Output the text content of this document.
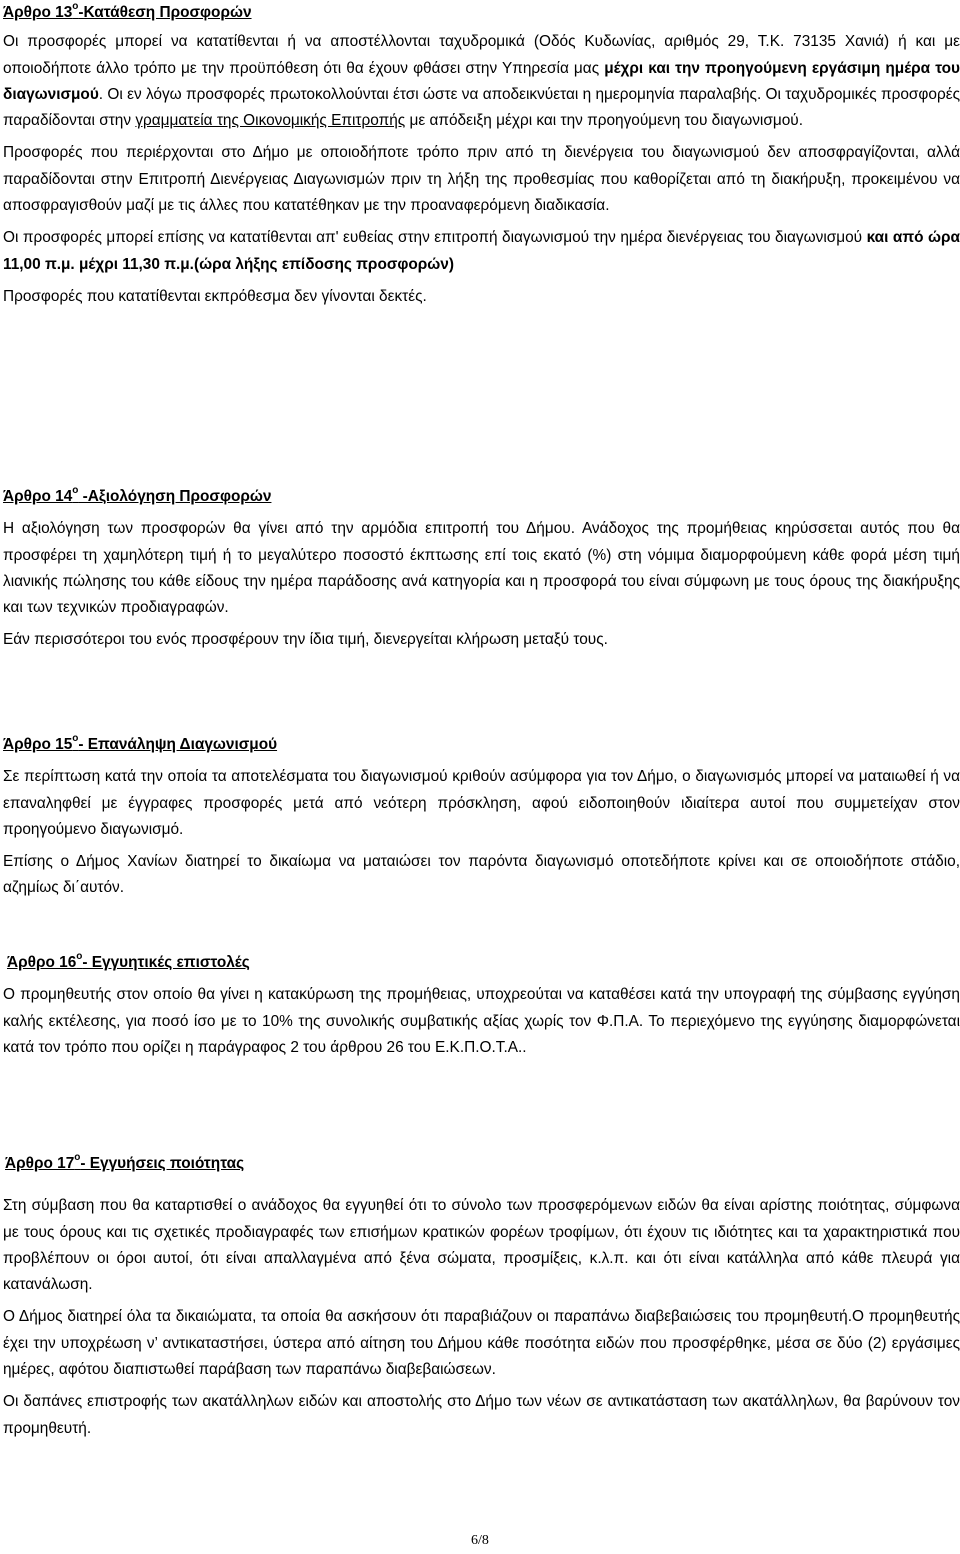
Άρθρο $13^o$-Κατάθεση Προσφορών

Οι προσφορές μπορεί να κατατίθενται ή να αποστέλλονται ταχυδρομικά (Οδός Κυδωνίας, αριθμός 29, Τ.Κ. 73135 Χανιά) ή και με οποιοδήποτε άλλο τρόπο με την προϋπόθεση ότι θα έχουν φθάσει στην Υπηρεσία μας μέχρι και την προηγούμενη εργάσιμη ημέρα του διαγωνισμού. Οι εν λόγω προσφορές πρωτοκολλούνται έτσι ώστε να αποδεικνύεται η ημερομηνία παραλαβής. Οι ταχυδρομικές προσφορές παραδίδονται στην γραμματεία της Οικονομικής Επιτροπής με απόδειξη μέχρι και την προηγούμενη του διαγωνισμού.

Προσφορές που περιέρχονται στο Δήμο με οποιοδήποτε τρόπο πριν από τη διενέργεια του διαγωνισμού δεν αποσφραγίζονται, αλλά παραδίδονται στην Επιτροπή Διενέργειας Διαγωνισμών πριν τη λήξη της προθεσμίας που καθορίζεται από τη διακήρυξη, προκειμένου να αποσφραγισθούν μαζί με τις άλλες που κατατέθηκαν με την προαναφερόμενη διαδικασία.

Οι προσφορές μπορεί επίσης να κατατίθενται απ' ευθείας στην επιτροπή διαγωνισμού την ημέρα διενέργειας του διαγωνισμού και από ώρα 11,00 π.μ. μέχρι 11,30 π.μ.(ώρα λήξης επίδοσης προσφορών)

Προσφορές που κατατίθενται εκπρόθεσμα δεν γίνονται δεκτές.

Άρθρο $14^o$ -Αξιολόγηση Προσφορών

Η αξιολόγηση των προσφορών θα γίνει από την αρμόδια επιτροπή του Δήμου. Ανάδοχος της προμήθειας κηρύσσεται αυτός που θα προσφέρει τη χαμηλότερη τιμή ή το μεγαλύτερο ποσοστό έκπτωσης επί τοις εκατό (%) στη νόμιμα διαμορφούμενη κάθε φορά μέση τιμή λιανικής πώλησης του κάθε είδους την ημέρα παράδοσης ανά κατηγορία και η προσφορά του είναι σύμφωνη με τους όρους της διακήρυξης και των τεχνικών προδιαγραφών.

Εάν περισσότεροι του ενός προσφέρουν την ίδια τιμή, διενεργείται κλήρωση μεταξύ τους.

Άρθρο $15^o-$ Επανάληψη Διαγωνισμού

Σε περίπτωση κατά την οποία τα αποτελέσματα του διαγωνισμού κριθούν ασύμφορα για τον Δήμο, ο διαγωνισμός μπορεί να ματαιωθεί ή να επαναληφθεί με έγγραφες προσφορές μετά από νεότερη πρόσκληση, αφού ειδοποιηθούν ιδιαίτερα αυτοί που συμμετείχαν στον προηγούμενο διαγωνισμό.

Επίσης ο Δήμος Χανίων διατηρεί το δικαίωμα να ματαιώσει τον παρόντα διαγωνισμό οποτεδήποτε κρίνει και σε οποιοδήποτε στάδιο, αζημίως δι΄αυτόν.

Άρθρο $16^o-$ Εγγυητικές επιστολές

Ο προμηθευτής στον οποίο θα γίνει η κατακύρωση της προμήθειας, υποχρεούται να καταθέσει κατά την υπογραφή της σύμβασης εγγύηση καλής εκτέλεσης, για ποσό ίσο με το 10% της συνολικής συμβατικής αξίας χωρίς τον Φ.Π.Α. Το περιεχόμενο της εγγύησης διαμορφώνεται κατά τον τρόπο που ορίζει η παράγραφος 2 του άρθρου 26 του Ε.Κ.Π.Ο.Τ.Α..

Άρθρο $17^o-$ Εγγυήσεις ποιότητας

Στη σύμβαση που θα καταρτισθεί ο ανάδοχος θα εγγυηθεί ότι το σύνολο των προσφερόμενων ειδών θα είναι αρίστης ποιότητας, σύμφωνα με τους όρους και τις σχετικές προδιαγραφές των επισήμων κρατικών φορέων τροφίμων, ότι έχουν τις ιδιότητες και τα χαρακτηριστικά που προβλέπουν οι όροι αυτοί, ότι είναι απαλλαγμένα από ξένα σώματα, προσμίξεις, κ.λ.π. και ότι είναι κατάλληλα από κάθε πλευρά για κατανάλωση.

Ο Δήμος διατηρεί όλα τα δικαιώματα, τα οποία θα ασκήσουν ότι παραβιάζουν οι παραπάνω διαβεβαιώσεις του προμηθευτή.Ο προμηθευτής έχει την υποχρέωση ν’ αντικαταστήσει, ύστερα από αίτηση του Δήμου κάθε ποσότητα ειδών που προσφέρθηκε, μέσα σε δύο (2) εργάσιμες ημέρες, αφότου διαπιστωθεί παράβαση των παραπάνω διαβεβαιώσεων.

Οι δαπάνες επιστροφής των ακατάλληλων ειδών και αποστολής στο Δήμο των νέων σε αντικατάσταση των ακατάλληλων, θα βαρύνουν τον προμηθευτή.

6/8
